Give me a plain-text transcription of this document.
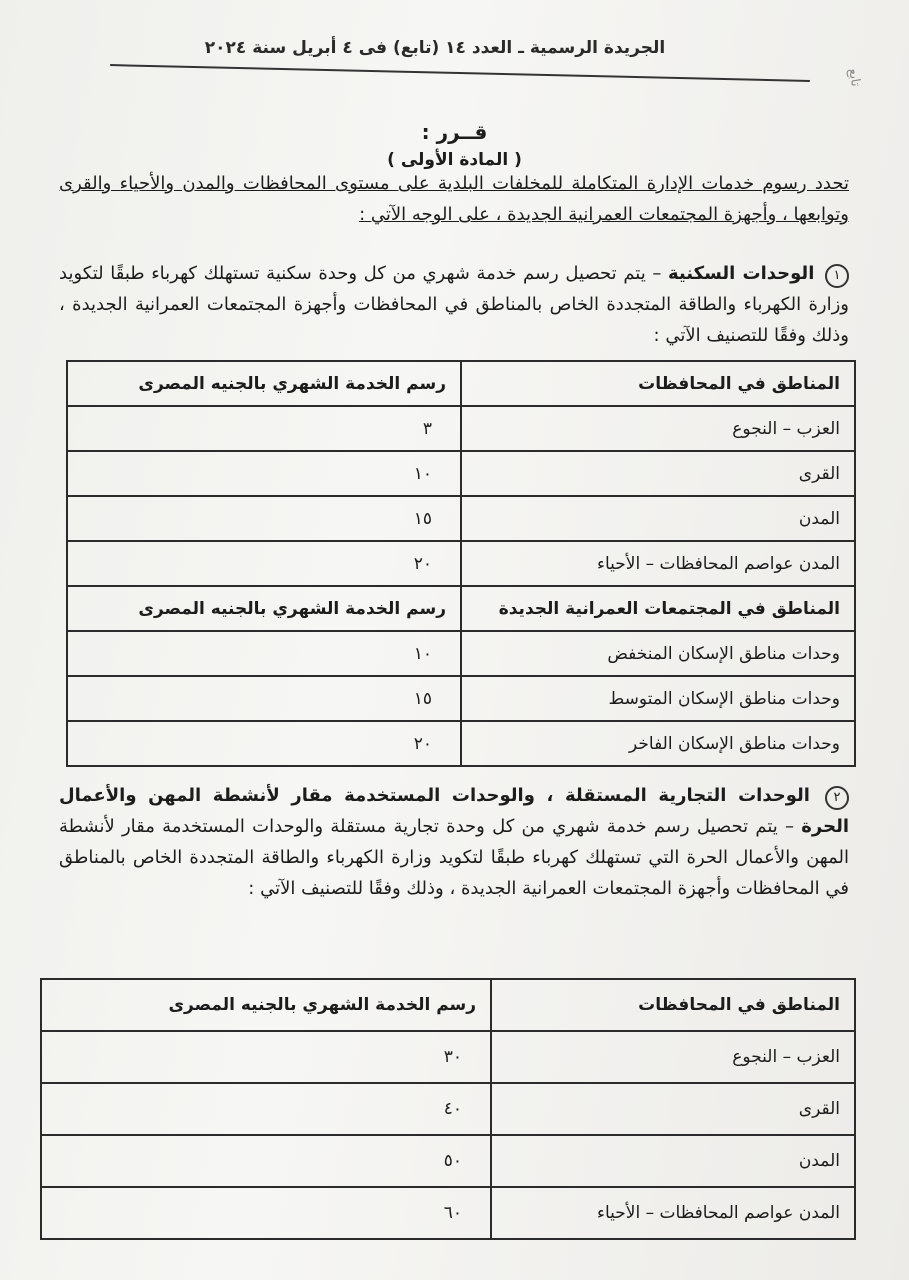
الجريدة الرسمية ـ العدد ١٤ (تابع) فى ٤ أبريل سنة ٢٠٢٤
تابع
قــرر :
( المادة الأولى )
تحدد رسوم خدمات الإدارة المتكاملة للمخلفات البلدية على مستوى المحافظات والمدن والأحياء والقرى وتوابعها ، وأجهزة المجتمعات العمرانية الجديدة ، على الوجه الآتي :
١ الوحدات السكنية – يتم تحصيل رسم خدمة شهري من كل وحدة سكنية تستهلك كهرباء طبقًا لتكويد وزارة الكهرباء والطاقة المتجددة الخاص بالمناطق في المحافظات وأجهزة المجتمعات العمرانية الجديدة ، وذلك وفقًا للتصنيف الآتي :
المناطق في المحافظات	رسم الخدمة الشهري بالجنيه المصرى
العزب – النجوع	٣
القرى	١٠
المدن	١٥
المدن عواصم المحافظات – الأحياء	٢٠
المناطق في المجتمعات العمرانية الجديدة	رسم الخدمة الشهري بالجنيه المصرى
وحدات مناطق الإسكان المنخفض	١٠
وحدات مناطق الإسكان المتوسط	١٥
وحدات مناطق الإسكان الفاخر	٢٠
٢ الوحدات التجارية المستقلة ، والوحدات المستخدمة مقار لأنشطة المهن والأعمال الحرة – يتم تحصيل رسم خدمة شهري من كل وحدة تجارية مستقلة والوحدات المستخدمة مقار لأنشطة المهن والأعمال الحرة التي تستهلك كهرباء طبقًا لتكويد وزارة الكهرباء والطاقة المتجددة الخاص بالمناطق في المحافظات وأجهزة المجتمعات العمرانية الجديدة ، وذلك وفقًا للتصنيف الآتي :
المناطق في المحافظات	رسم الخدمة الشهري بالجنيه المصرى
العزب – النجوع	٣٠
القرى	٤٠
المدن	٥٠
المدن عواصم المحافظات – الأحياء	٦٠
